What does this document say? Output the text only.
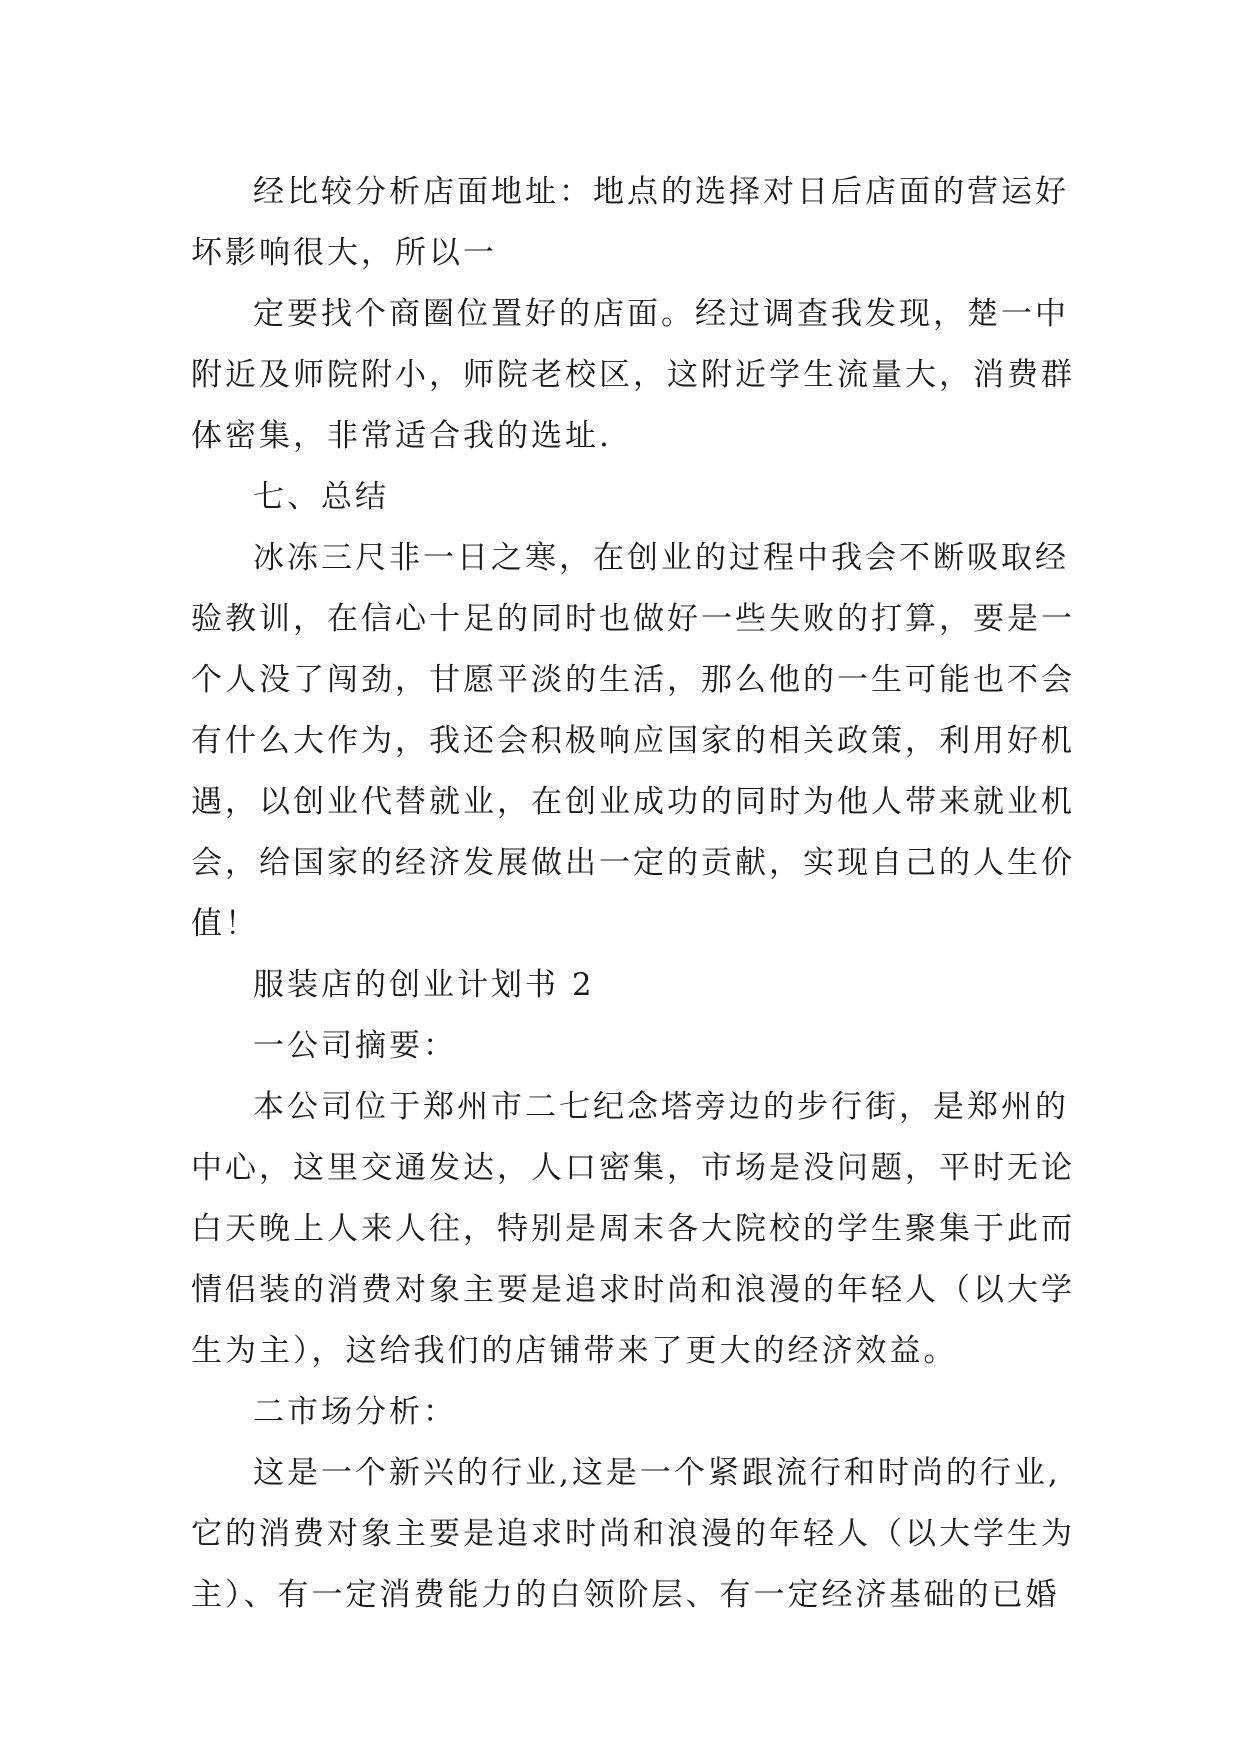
经比较分析店面地址：地点的选择对日后店面的营运好
坏影响很大，所以一

定要找个商圈位置好的店面。经过调查我发现，楚一中
附近及师院附小，师院老校区，这附近学生流量大，消费群
体密集，非常适合我的选址.

七、总结

冰冻三尺非一日之寒，在创业的过程中我会不断吸取经
验教训，在信心十足的同时也做好一些失败的打算，要是一
个人没了闯劲，甘愿平淡的生活，那么他的一生可能也不会
有什么大作为，我还会积极响应国家的相关政策，利用好机
遇，以创业代替就业，在创业成功的同时为他人带来就业机
会，给国家的经济发展做出一定的贡献，实现自己的人生价
值！

服装店的创业计划书 2

一公司摘要：

本公司位于郑州市二七纪念塔旁边的步行街，是郑州的
中心，这里交通发达，人口密集，市场是没问题，平时无论
白天晚上人来人往，特别是周末各大院校的学生聚集于此而
情侣装的消费对象主要是追求时尚和浪漫的年轻人（以大学
生为主），这给我们的店铺带来了更大的经济效益。

二市场分析：

这是一个新兴的行业,这是一个紧跟流行和时尚的行业,
它的消费对象主要是追求时尚和浪漫的年轻人（以大学生为
主）、有一定消费能力的白领阶层、有一定经济基础的已婚
